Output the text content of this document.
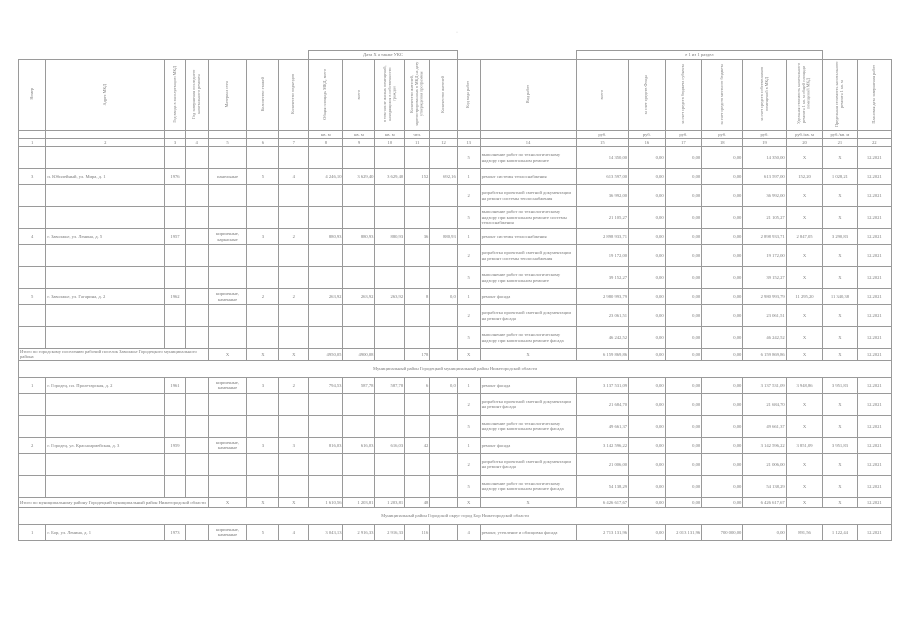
·
							Дата Х а также УКС							е 1 из 1 раздел							
Номер	Адрес МКД	Год ввода в эксплуатацию МКД	Год завершения последнего капитального ремонта	Материал стен	Количество этажей	Количество подъездов	Общая площадь МКД, всего	всего	в том числе жилых помещений, находящихся в собственности граждан	Количество жителей, зарегистрированных в МКД на дату утверждения программы	Количество жителей	Код вида работ	Вид работ	всего	за счет средств Фонда	за счет средств бюджета субъекта	за счет средств местного бюджета	за счет средств собственников помещений в МКД	Удельная стоимость капитального ремонта 1 кв. м общей площади помещений МКД	Предельная стоимость капитального ремонта 1 кв. м	Плановая дата завершения работ
							кв. м	кв. м	кв. м	чел.				руб.	руб.	руб.	руб.	руб.	руб./кв. м	руб./кв. м	
1	2	3	4	5	6	7	8	9	10	11	12	13	14	15	16	17	18	19	20	21	22
												5	выполнение работ по технологическому надзору при капитальном ремонте	14 350,00	0,00	0,00	0,00	14 350,00	X	X	12.2021
3	п. Юбилейный, ул. Мира, д. 1	1976		панельные	5	4	4 246,10	3 629,40	3 629,40	152	692,16	1	ремонт системы теплоснабжения	613 597,00	0,00	0,00	0,00	613 597,00	152,20	1 028,21	12.2021
												2	разработка проектной сметной документации на ремонт системы теплоснабжения	36 992,00	0,00	0,00	0,00	36 992,00	X	X	12.2021
												5	выполнение работ по технологическому надзору при капитальном ремонте системы теплоснабжения	21 105,27	0,00	0,00	0,00	21 105,27	X	X	12.2021
4	г. Заволжье, ул. Ленина, д. 5	1957		кирпичные, каркасные	3	2	880,93	880,93	880,93	36	880,93	1	ремонт системы теплоснабжения	2 898 933,71	0,00	0,00	0,00	2 898 933,71	2 847,05	3 290,83	12.2021
												2	разработка проектной сметной документации на ремонт системы теплоснабжения	19 172,00	0,00	0,00	0,00	19 172,00	X	X	12.2021
												5	выполнение работ по технологическому надзору при капитальном ремонте	39 152,27	0,00	0,00	0,00	39 152,27	X	X	12.2021
5	г. Заволжье, ул. Гагарина, д. 2	1962		кирпичные, каменные	2	2	263,92	263,92	263,92	8	0,0	1	ремонт фасада	2 980 993,79	0,00	0,00	0,00	2 980 993,79	11 295,20	11 340,38	12.2021
												2	разработка проектной сметной документации на ремонт фасада	23 061,51	0,00	0,00	0,00	23 061,51	X	X	12.2021
												5	выполнение работ по технологическому надзору при капитальном ремонте фасада	46 242,52	0,00	0,00	0,00	46 242,52	X	X	12.2021
Итого по городскому поселению рабочий поселок Заволжье Городецкого муниципального района				X	X	X	4950,05	4900,08		178		X	X	6 159 869,86	0,00	0,00	0,00	6 159 869,86	X	X	12.2021
Муниципальный район Городецкий муниципальный район Нижегородской области																					
1	г. Городец, пл. Пролетарская, д. 2	1961		кирпичные, каменные	3	2	794,53	587,78	587,78	6	0,0	1	ремонт фасада	3 137 531,09	0,00	0,00	0,00	3 137 531,09	3 948,86	3 951,83	12.2021
												2	разработка проектной сметной документации на ремонт фасада	21 684,70	0,00	0,00	0,00	21 684,70	X	X	12.2021
												5	выполнение работ по технологическому надзору при капитальном ремонте фасада	49 661,37	0,00	0,00	0,00	49 661,37	X	X	12.2021
2	г. Городец, ул. Красноармейская, д. 3	1959		кирпичные, каменные	3	3	816,03	616,03	616,03	42		1	ремонт фасада	3 142 596,22	0,00	0,00	0,00	3 142 596,22	3 851,09	3 951,83	12.2021
												2	разработка проектной сметной документации на ремонт фасада	21 006,00	0,00	0,00	0,00	21 006,00	X	X	12.2021
												5	выполнение работ по технологическому надзору при капитальном ремонте фасада	54 138,29	0,00	0,00	0,00	54 138,29	X	X	12.2021
Итого по муниципальному району Городецкий муниципальный район Нижегородской области				X	X	X	1 610,56	1 203,81	1 203,81	48		X	X	6 426 617,67	0,00	0,00	0,00	6 426 617,67	X	X	12.2021
Муниципальный район Городской округ город Бор Нижегородской области																					
1	г. Бор, ул. Ленина, д. 1	1973		кирпичные, каменные	5	4	3 043,13	2 916,33	2 916,33	116		4	ремонт, утепление и облицовка фасада	2 713 131,96	0,00	2 013 131,96	700 000,00	0,00	891,56	1 122,44	12.2021
